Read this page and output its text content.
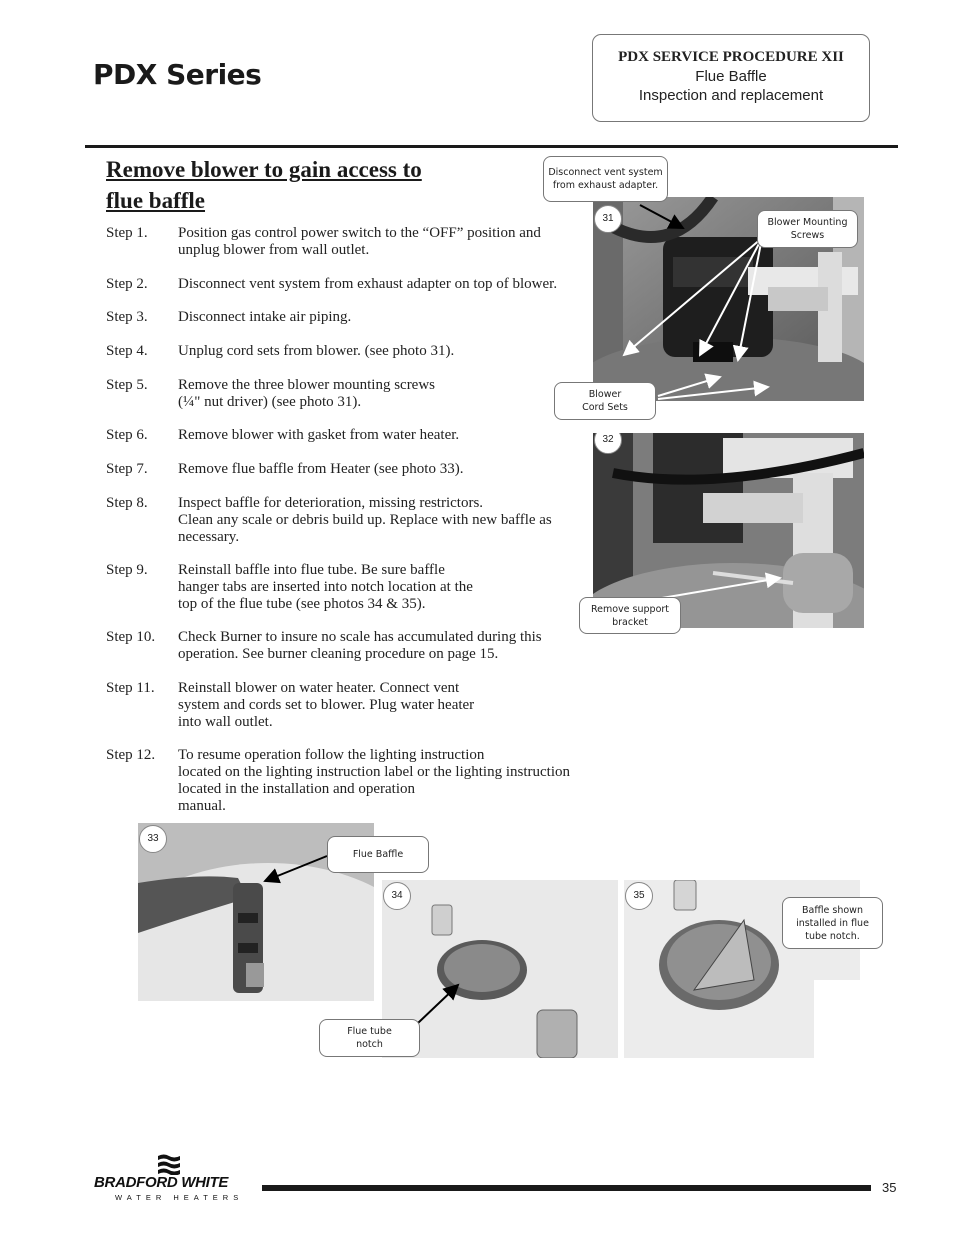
PDX Series
PDX SERVICE PROCEDURE XII
Flue Baffle
Inspection and replacement
Remove blower to gain access to
flue baffle
Step 1.	Position gas control power switch to the “OFF” position and
unplug blower from wall outlet.
Step 2.	Disconnect vent system from exhaust adapter on top of blower.
Step 3.	Disconnect intake air piping.
Step 4.	Unplug cord sets from blower. (see photo 31).
Step 5.	Remove the three blower mounting screws
(¼" nut driver) (see photo 31).
Step 6.	Remove blower with gasket from water heater.
Step 7.	Remove flue baffle from Heater (see photo 33).
Step 8.	Inspect baffle for deterioration, missing restrictors.
Clean any scale or debris build up. Replace with new baffle as
necessary.
Step 9.	Reinstall baffle into flue tube. Be sure baffle
hanger tabs are inserted into notch location at the
top of the flue tube (see photos 34 & 35).
Step 10.	Check Burner to insure no scale has accumulated during this
operation. See burner cleaning procedure on page 15.
Step 11.	Reinstall blower on water heater. Connect vent
system and cords set to blower. Plug water heater
into wall outlet.
Step 12.	To resume operation follow the lighting instruction
located on the lighting instruction label or the lighting instruction
located in the installation and operation
manual.
31
32
33
34	35
Disconnect vent system
from exhaust adapter.
Blower Mounting
Screws
Blower
Cord Sets
Remove support
bracket
Flue Baffle
Flue tube
notch
Baffle shown
installed in flue
tube notch.
BRADFORD WHITE
WATER HEATERS
35
